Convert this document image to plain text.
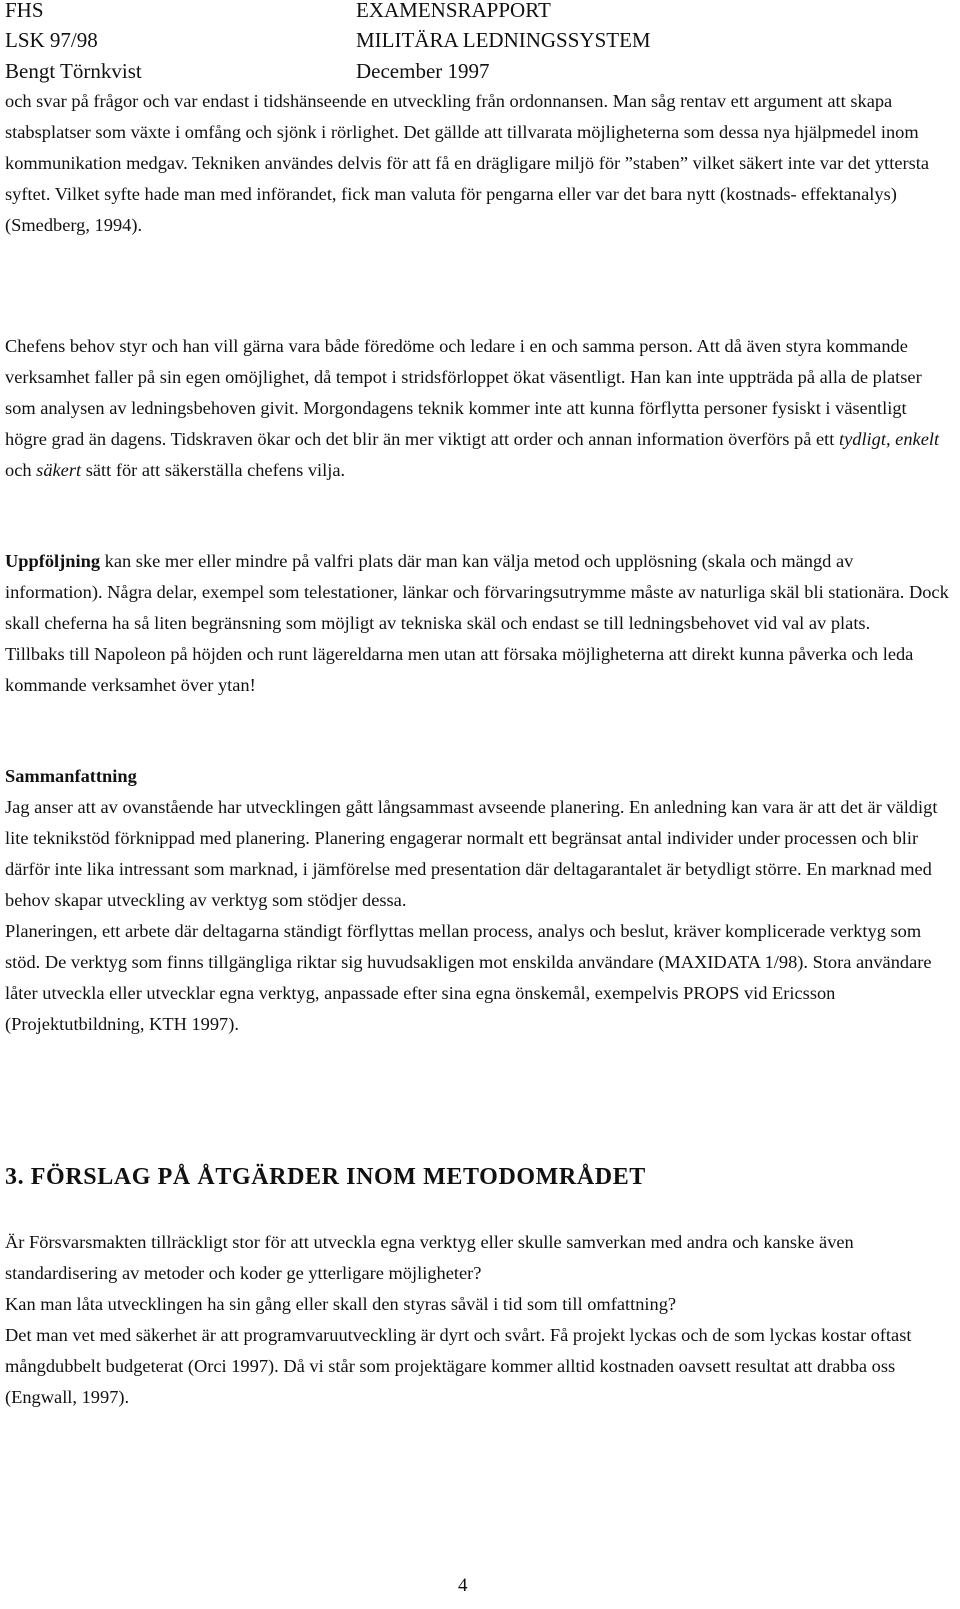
FHS	EXAMENSRAPPORT
LSK 97/98	MILITÄRA LEDNINGSSYSTEM
Bengt Törnkvist	December 1997

och svar på frågor och var endast i tidshänseende en utveckling från ordonnansen. Man såg rentav ett argument att skapa stabsplatser som växte i omfång och sjönk i rörlighet. Det gällde att tillvarata möjligheterna som dessa nya hjälpmedel inom kommunikation medgav. Tekniken användes delvis för att få en drägligare miljö för ”staben” vilket säkert inte var det yttersta syftet. Vilket syfte hade man med införandet, fick man valuta för pengarna eller var det bara nytt (kostnads- effektanalys) (Smedberg, 1994).

Chefens behov styr och han vill gärna vara både föredöme och ledare i en och samma person. Att då även styra kommande verksamhet faller på sin egen omöjlighet, då tempot i stridsförloppet ökat väsentligt. Han kan inte uppträda på alla de platser som analysen av ledningsbehoven givit. Morgondagens teknik kommer inte att kunna förflytta personer fysiskt i väsentligt högre grad än dagens. Tidskraven ökar och det blir än mer viktigt att order och annan information överförs på ett tydligt, enkelt och säkert sätt för att säkerställa chefens vilja.

Uppföljning kan ske mer eller mindre på valfri plats där man kan välja metod och upplösning (skala och mängd av information). Några delar, exempel som telestationer, länkar och förvaringsutrymme måste av naturliga skäl bli stationära. Dock skall cheferna ha så liten begränsning som möjligt av tekniska skäl och endast se till ledningsbehovet vid val av plats.

Tillbaks till Napoleon på höjden och runt lägereldarna men utan att försaka möjligheterna att direkt kunna påverka och leda kommande verksamhet över ytan!

Sammanfattning

Jag anser att av ovanstående har utvecklingen gått långsammast avseende planering. En anledning kan vara är att det är väldigt lite teknikstöd förknippad med planering. Planering engagerar normalt ett begränsat antal individer under processen och blir därför inte lika intressant som marknad, i jämförelse med presentation där deltagarantalet är betydligt större. En marknad med behov skapar utveckling av verktyg som stödjer dessa.

Planeringen, ett arbete där deltagarna ständigt förflyttas mellan process, analys och beslut, kräver komplicerade verktyg som stöd. De verktyg som finns tillgängliga riktar sig huvudsakligen mot enskilda användare (MAXIDATA 1/98). Stora användare låter utveckla eller utvecklar egna verktyg, anpassade efter sina egna önskemål, exempelvis PROPS vid Ericsson (Projektutbildning, KTH 1997).

3. FÖRSLAG PÅ ÅTGÄRDER INOM METODOMRÅDET

Är Försvarsmakten tillräckligt stor för att utveckla egna verktyg eller skulle samverkan med andra och kanske även standardisering av metoder och koder ge ytterligare möjligheter?

Kan man låta utvecklingen ha sin gång eller skall den styras såväl i tid som till omfattning?

Det man vet med säkerhet är att programvaruutveckling är dyrt och svårt. Få projekt lyckas och de som lyckas kostar oftast mångdubbelt budgeterat (Orci 1997). Då vi står som projektägare kommer alltid kostnaden oavsett resultat att drabba oss (Engwall, 1997).

4
